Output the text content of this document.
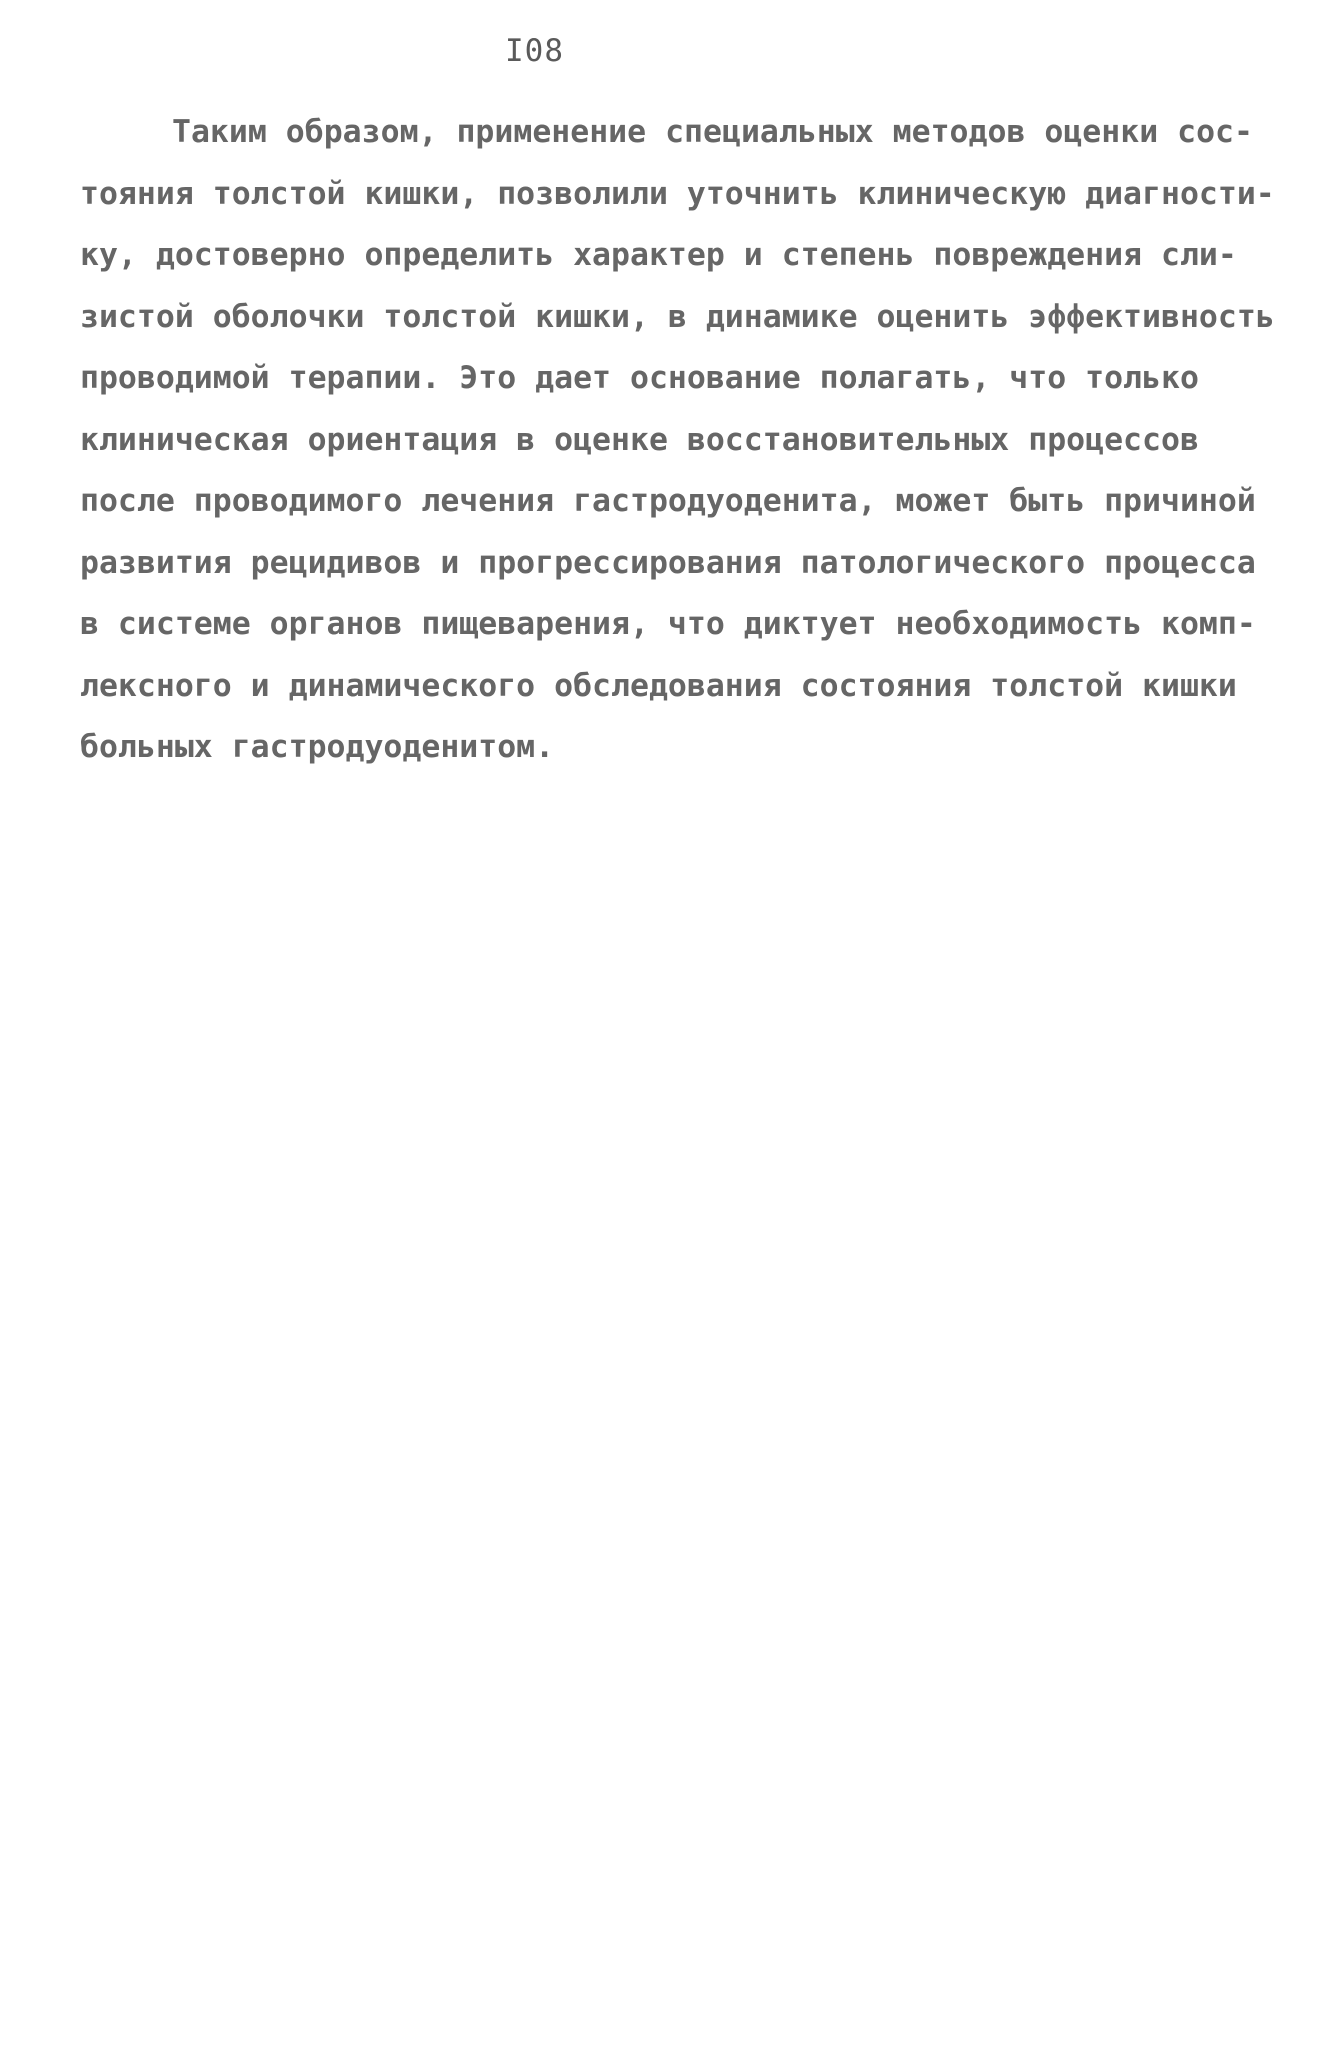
I08
Таким образом, применение специальных методов оценки сос-
тояния толстой кишки, позволили уточнить клиническую диагности-
ку, достоверно определить характер и степень повреждения сли-
зистой оболочки толстой кишки, в динамике оценить эффективность
проводимой терапии. Это дает основание полагать, что только
клиническая ориентация в оценке восстановительных процессов
после проводимого лечения гастродуоденита, может быть причиной
развития рецидивов и прогрессирования патологического процесса
в системе органов пищеварения, что диктует необходимость комп-
лексного и динамического обследования состояния толстой кишки
больных гастродуоденитом.
